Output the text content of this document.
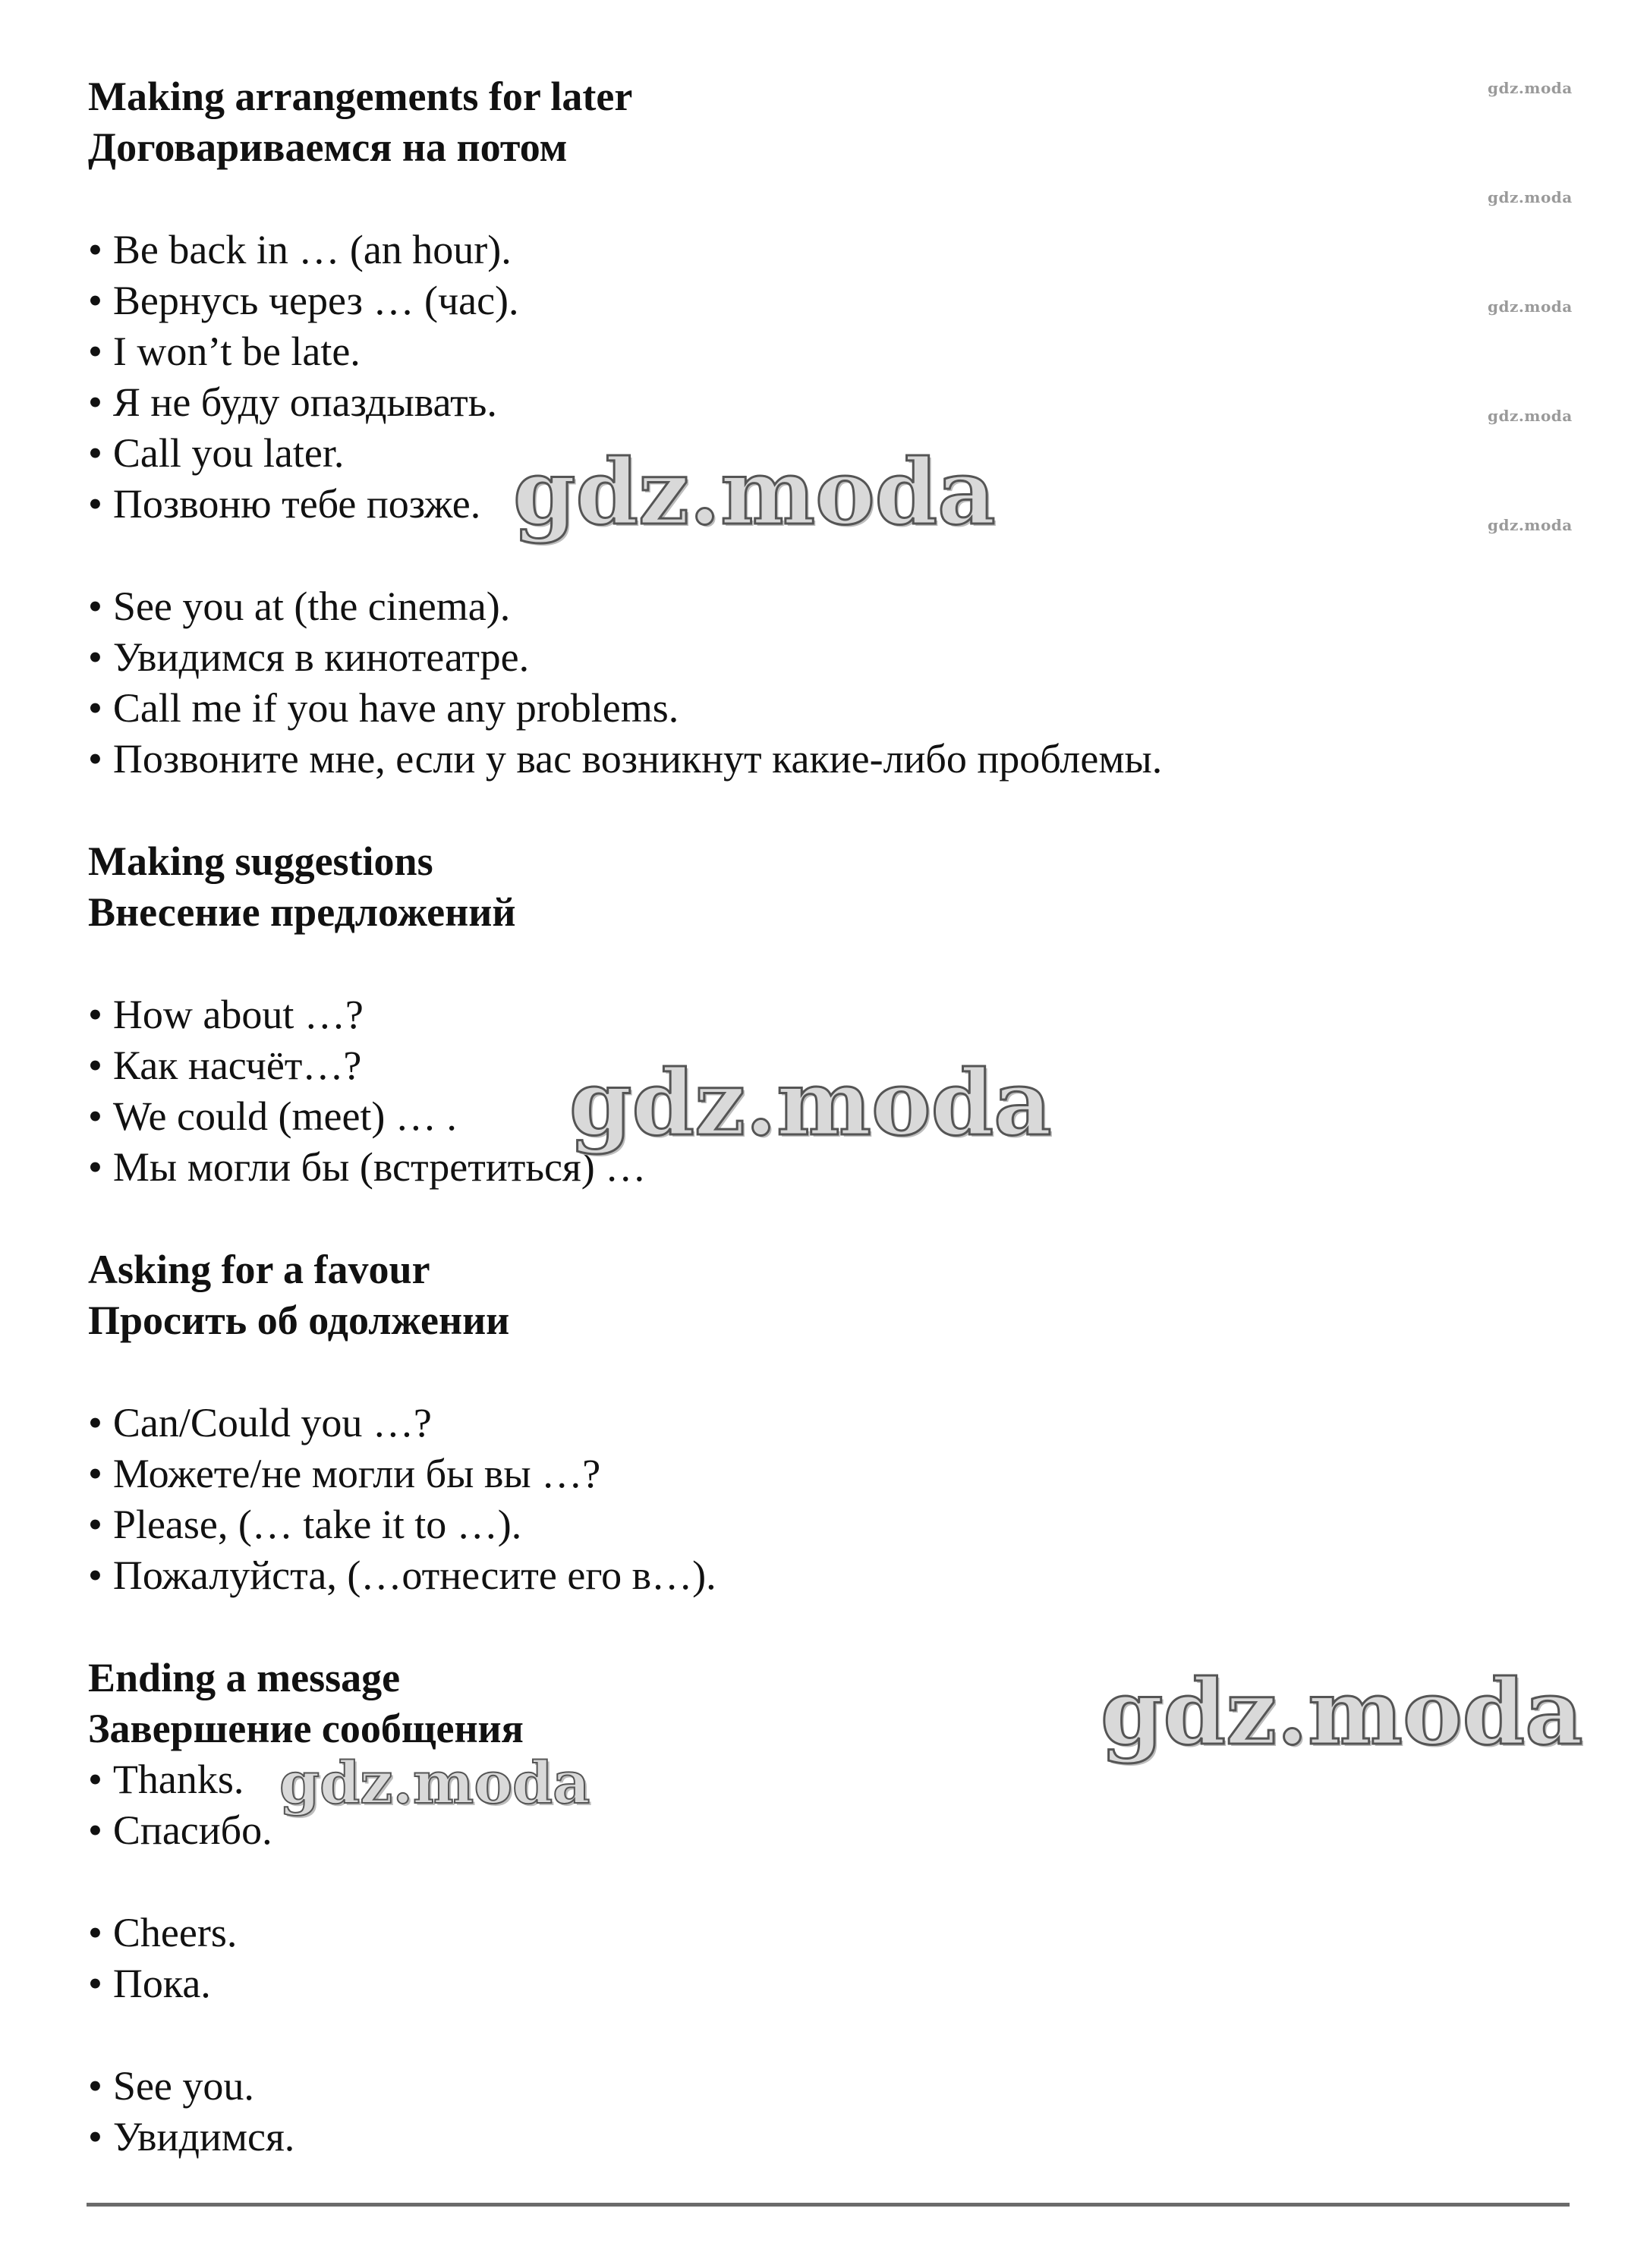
gdz.moda
gdz.moda
gdz.moda
gdz.moda
gdz.moda
Making arrangements for later
Договариваемся на потом
• Be back in … (an hour).
• Вернусь через … (час).
• I won’t be late.
• Я не буду опаздывать.
• Call you later.
• Позвоню тебе позже. gdz.moda
• See you at (the cinema).
• Увидимся в кинотеатре.
• Call me if you have any problems.
• Позвоните мне, если у вас возникнут какие-либо проблемы.
Making suggestions
Внесение предложений
• How about …?
• Как насчёт…?
• We could (meet) … .
• Мы могли бы (встретиться) …
gdz.moda
Asking for a favour
Просить об одолжении
• Can/Could you …?
• Можете/не могли бы вы …?
• Please, (… take it to …).
• Пожалуйста, (…отнесите его в…).
Ending a message
Завершение сообщения	gdz.moda
• Thanks. gdz.moda
• Спасибо.
• Cheers.
• Пока.
• See you.
• Увидимся.
